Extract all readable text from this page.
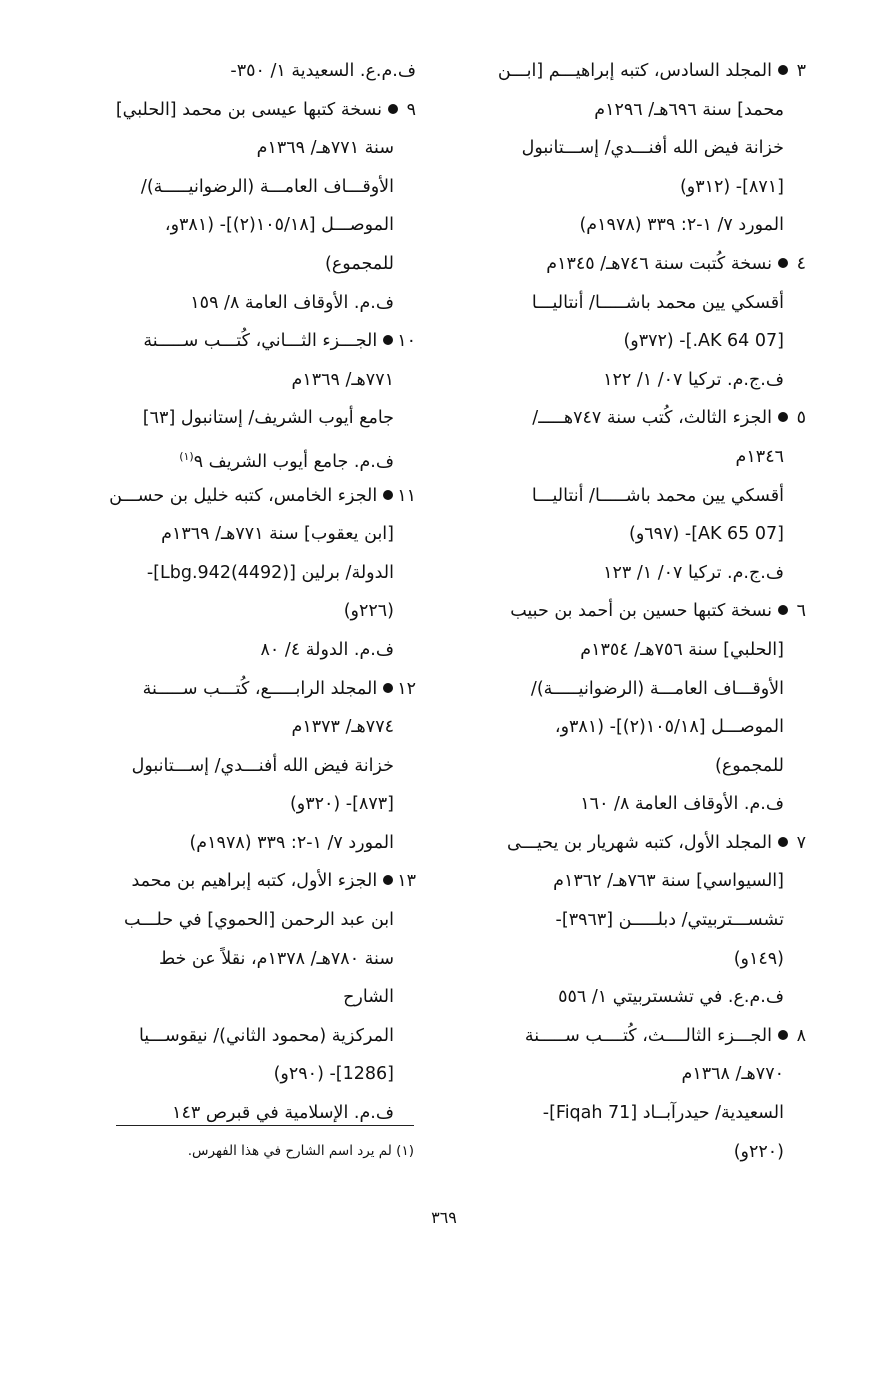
٣المجلد السادس، كتبه إبراهيـــم [ابـــن
محمد] سنة ٦٩٦هـ/ ١٢٩٦م
خزانة فيض الله أفنـــدي/ إســـتانبول
[٨٧١]- (٣١٢و)
المورد ٧/ ١-٢: ٣٣٩ (١٩٧٨م)
٤نسخة كُتبت سنة ٧٤٦هـ/ ١٣٤٥م
أقسكي يين محمد باشـــــا/ أنتاليـــا
[07 AK 64.]- (٣٧٢و)
ف.ج.م. تركيا ٠٧/ ١/ ١٢٢
٥الجزء الثالث، كُتب سنة ٧٤٧هـــــ/
١٣٤٦م
أقسكي يين محمد باشـــــا/ أنتاليـــا
[07 AK 65]- (٦٩٧و)
ف.ج.م. تركيا ٠٧/ ١/ ١٢٣
٦نسخة كتبها حسين بن أحمد بن حبيب
[الحلبي] سنة ٧٥٦هـ/ ١٣٥٤م
الأوقـــاف العامـــة (الرضوانيـــــة)/
الموصـــل [١٠٥/١٨(٢)]- (٣٨١و،
للمجموع)
ف.م. الأوقاف العامة ٨/ ١٦٠
٧المجلد الأول، كتبه شهريار بن يحيـــى
[السيواسي] سنة ٧٦٣هـ/ ١٣٦٢م
تشســـتربيتي/ دبلـــــن [٣٩٦٣]-
(١٤٩و)
ف.م.ع. في تشستربيتي ١/ ٥٥٦
٨الجـــزء الثالــــث، كُتــــب ســـــنة
٧٧٠هـ/ ١٣٦٨م
السعيدية/ حيدرآبــاد [Fiqah 71]-
(٢٢٠و)
ف.م.ع. السعيدية ١/ ٣٥٠-
٩نسخة كتبها عيسى بن محمد [الحلبي]
سنة ٧٧١هـ/ ١٣٦٩م
الأوقـــاف العامـــة (الرضوانيـــــة)/
الموصـــل [١٠٥/١٨(٢)]- (٣٨١و،
للمجموع)
ف.م. الأوقاف العامة ٨/ ١٥٩
١٠الجـــزء الثـــاني، كُتـــب ســـــنة
٧٧١هـ/ ١٣٦٩م
جامع أيوب الشريف/ إستانبول [٦٣]
ف.م. جامع أيوب الشريف ٩$^{(١)}$
١١الجزء الخامس، كتبه خليل بن حســـن
[ابن يعقوب] سنة ٧٧١هـ/ ١٣٦٩م
الدولة/ برلين [Lbg.942(4492)]-
(٢٢٦و)
ف.م. الدولة ٤/ ٨٠
١٢المجلد الرابـــــع، كُتـــب ســـــنة
٧٧٤هـ/ ١٣٧٣م
خزانة فيض الله أفنـــدي/ إســـتانبول
[٨٧٣]- (٣٢٠و)
المورد ٧/ ١-٢: ٣٣٩ (١٩٧٨م)
١٣الجزء الأول، كتبه إبراهيم بن محمد
ابن عبد الرحمن [الحموي] في حلـــب
سنة ٧٨٠هـ/ ١٣٧٨م، نقلاً عن خط
الشارح
المركزية (محمود الثاني)/ نيقوســـيا
[1286]- (٢٩٠و)
ف.م. الإسلامية في قبرص ١٤٣
(١) لم يرد اسم الشارح في هذا الفهرس.
٣٦٩
